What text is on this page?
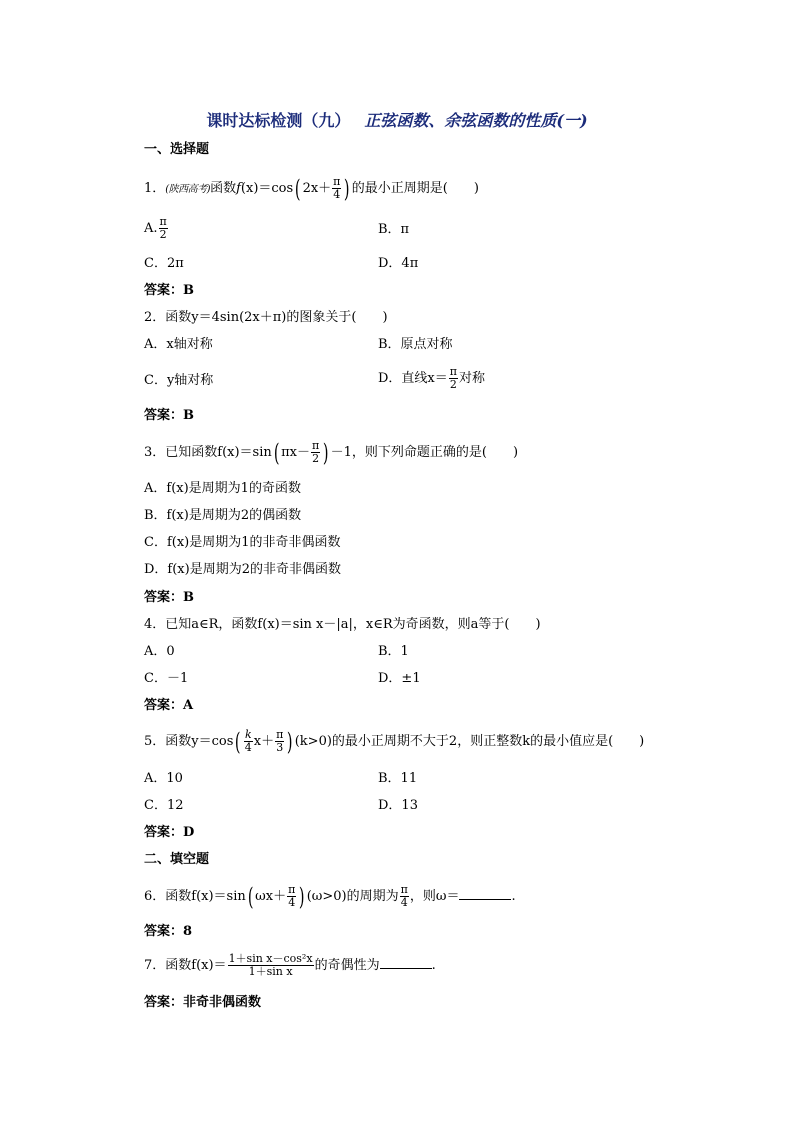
课时达标检测（九） 正弦函数、余弦函数的性质(一)
一、选择题
1．(陕西高考)函数f(x)＝cos( $2x+ \frac{\pi}{4}$ ) 的最小正周期是(　　)
A. $\frac{\pi}{2}$	B．π
C．2π	D．4π
答案：B
2．函数y＝4sin(2x＋π)的图象关于(　　)
A．x轴对称	B．原点对称
C．y轴对称	D．直线$x= \frac{\pi}{2}$ 对称
答案：B
3．已知函数f(x)＝sin( $\pi x- \frac{\pi}{2}$ ) －1，则下列命题正确的是(　　)
A．f(x)是周期为1的奇函数
B．f(x)是周期为2的偶函数
C．f(x)是周期为1的非奇非偶函数
D．f(x)是周期为2的非奇非偶函数
答案：B
4．已知a∈R，函数f(x)＝sin x－|a|，x∈R为奇函数，则a等于(　　)
A．0	B．1
C．－1	D．±1
答案：A
5．函数$y=\cos( \frac{k}{4} x+ \frac{\pi}{3}$ ) (k>0)的最小正周期不大于2，则正整数k的最小值应是(　　)
A．10	B．11
C．12	D．13
答案：D
二、填空题
6．函数f(x)＝sin( $\omega x+ \frac{\pi}{4}$ ) (ω>0)的周期为 $\frac{\pi}{4}$ ，则ω＝	.
答案：8
7．函数$f(x)= \frac{\text{1＋sin x－cos²x}}{\text{1＋sin x}}$ 的奇偶性为	.
答案：非奇非偶函数
